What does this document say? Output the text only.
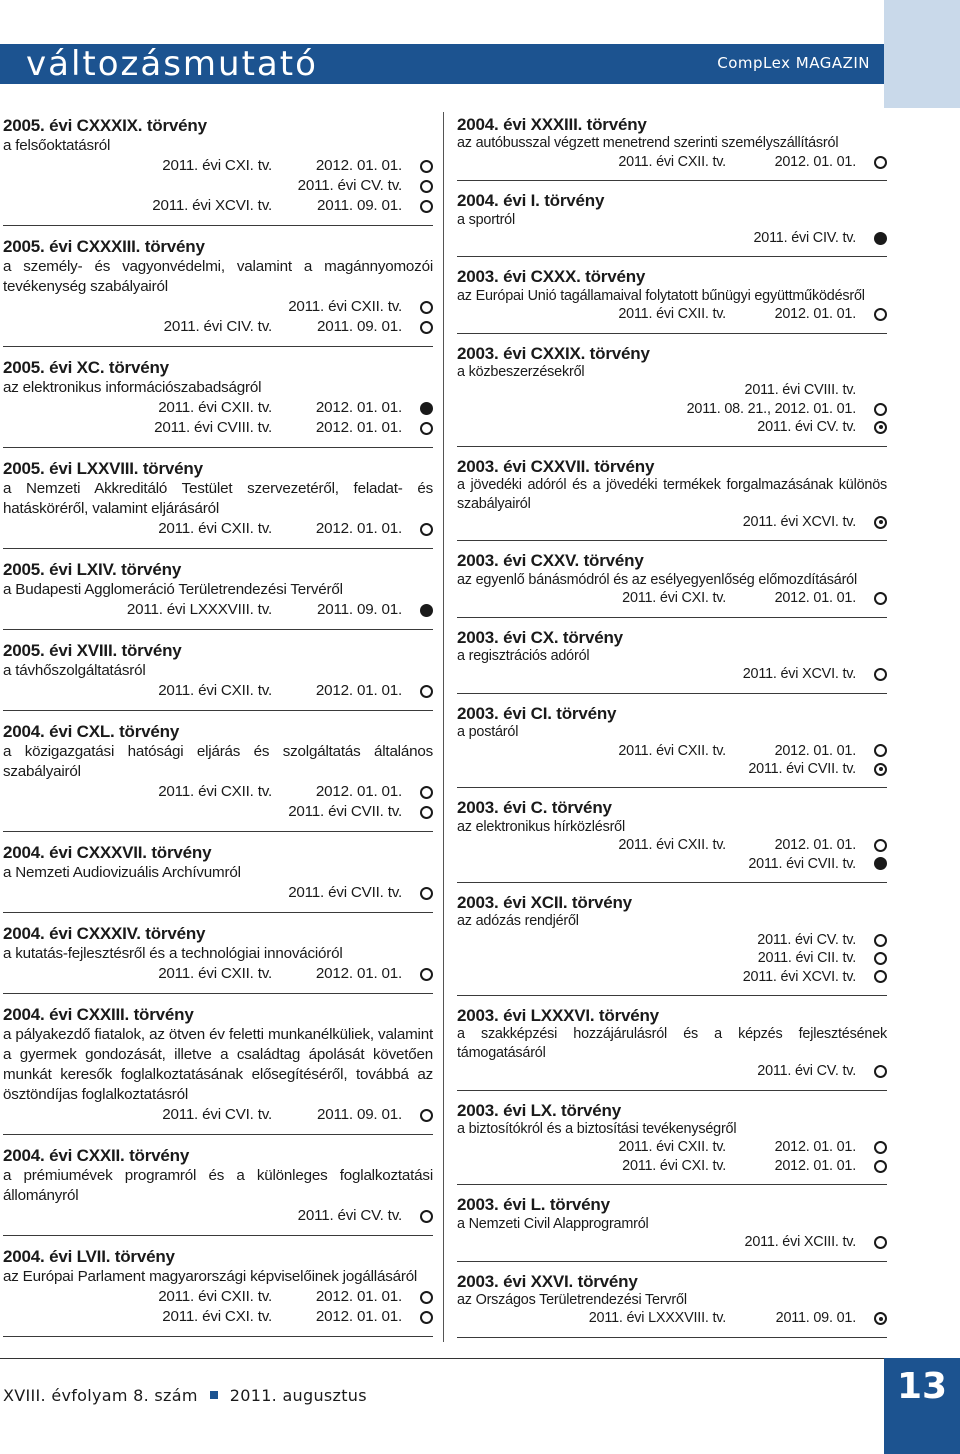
változásmutató	CompLex MAGAZIN
2005. évi CXXXIX. törvény
a felsőoktatásról
2011. évi CXI. tv.	2012. 01. 01.
2011. évi CV. tv.
2011. évi XCVI. tv.	2011. 09. 01.
2005. évi CXXXIII. törvény
a személy- és vagyonvédelmi, valamint a magánnyomozói tevékenység szabályairól
2011. évi CXII. tv.
2011. évi CIV. tv.	2011. 09. 01.
2005. évi XC. törvény
az elektronikus információszabadságról
2011. évi CXII. tv.	2012. 01. 01.
2011. évi CVIII. tv.	2012. 01. 01.
2005. évi LXXVIII. törvény
a Nemzeti Akkreditáló Testület szervezetéről, feladat- és hatásköréről, valamint eljárásáról
2011. évi CXII. tv.	2012. 01. 01.
2005. évi LXIV. törvény
a Budapesti Agglomeráció Területrendezési Tervéről
2011. évi LXXXVIII. tv.	2011. 09. 01.
2005. évi XVIII. törvény
a távhőszolgáltatásról
2011. évi CXII. tv.	2012. 01. 01.
2004. évi CXL. törvény
a közigazgatási hatósági eljárás és szolgáltatás általános szabályairól
2011. évi CXII. tv.	2012. 01. 01.
2011. évi CVII. tv.
2004. évi CXXXVII. törvény
a Nemzeti Audiovizuális Archívumról
2011. évi CVII. tv.
2004. évi CXXXIV. törvény
a kutatás-fejlesztésről és a technológiai innovációról
2011. évi CXII. tv.	2012. 01. 01.
2004. évi CXXIII. törvény
a pályakezdő fiatalok, az ötven év feletti munkanélküliek, valamint a gyermek gondozását, illetve a családtag ápolását követően munkát keresők foglalkoztatásának elősegítéséről, továbbá az ösztöndíjas foglalkoztatásról
2011. évi CVI. tv.	2011. 09. 01.
2004. évi CXXII. törvény
a prémiumévek programról és a különleges foglalkoztatási állományról
2011. évi CV. tv.
2004. évi LVII. törvény
az Európai Parlament magyarországi képviselőinek jogállásáról
2011. évi CXII. tv.	2012. 01. 01.
2011. évi CXI. tv.	2012. 01. 01.
2004. évi XXXIII. törvény
az autóbusszal végzett menetrend szerinti személyszállításról
2011. évi CXII. tv.	2012. 01. 01.
2004. évi I. törvény
a sportról
2011. évi CIV. tv.
2003. évi CXXX. törvény
az Európai Unió tagállamaival folytatott bűnügyi együttműködésről
2011. évi CXII. tv.	2012. 01. 01.
2003. évi CXXIX. törvény
a közbeszerzésekről
2011. évi CVIII. tv.
2011. 08. 21., 2012. 01. 01.
2011. évi CV. tv.
2003. évi CXXVII. törvény
a jövedéki adóról és a jövedéki termékek forgalmazásának különös szabályairól
2011. évi XCVI. tv.
2003. évi CXXV. törvény
az egyenlő bánásmódról és az esélyegyenlőség előmozdításáról
2011. évi CXI. tv.	2012. 01. 01.
2003. évi CX. törvény
a regisztrációs adóról
2011. évi XCVI. tv.
2003. évi CI. törvény
a postáról
2011. évi CXII. tv.	2012. 01. 01.
2011. évi CVII. tv.
2003. évi C. törvény
az elektronikus hírközlésről
2011. évi CXII. tv.	2012. 01. 01.
2011. évi CVII. tv.
2003. évi XCII. törvény
az adózás rendjéről
2011. évi CV. tv.
2011. évi CII. tv.
2011. évi XCVI. tv.
2003. évi LXXXVI. törvény
a szakképzési hozzájárulásról és a képzés fejlesztésének támogatásáról
2011. évi CV. tv.
2003. évi LX. törvény
a biztosítókról és a biztosítási tevékenységről
2011. évi CXII. tv.	2012. 01. 01.
2011. évi CXI. tv.	2012. 01. 01.
2003. évi L. törvény
a Nemzeti Civil Alapprogramról
2011. évi XCIII. tv.
2003. évi XXVI. törvény
az Országos Területrendezési Tervről
2011. évi LXXXVIII. tv.	2011. 09. 01.
XVIII. évfolyam 8. szám 2011. augusztus	13
